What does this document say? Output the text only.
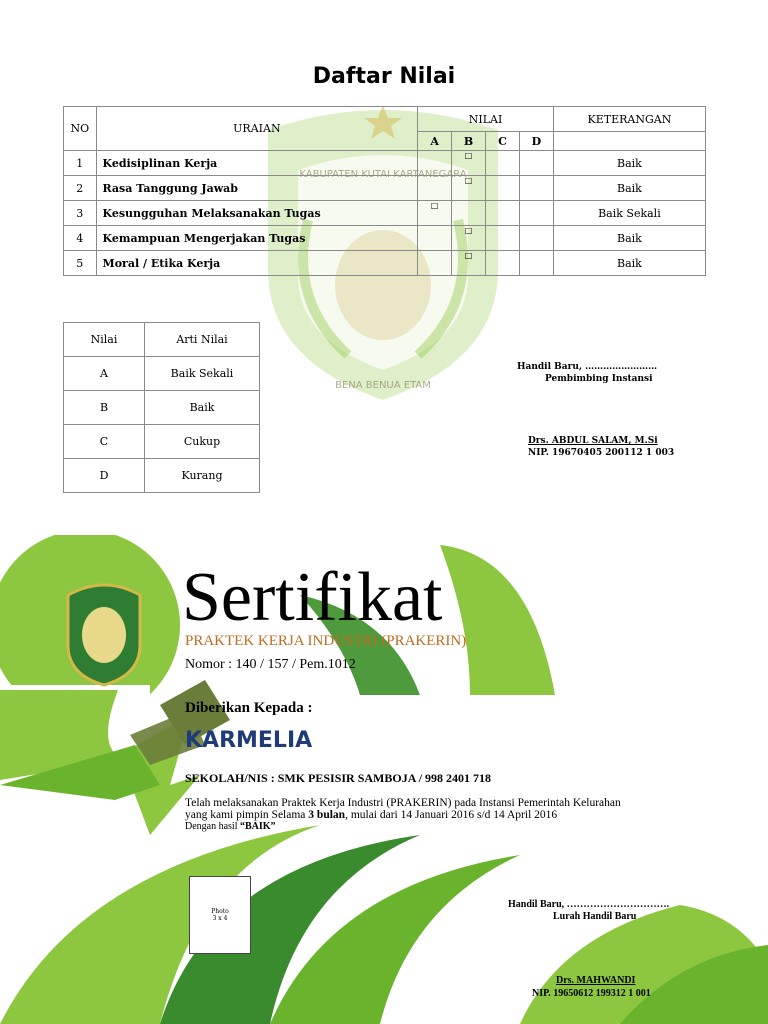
KABUPATEN KUTAI KARTANEGARA
BENA BENUA ETAM
Daftar Nilai
NO	URAIAN	NILAI				KETERANGAN
		A	B	C	D	
1	Kedisiplinan Kerja		□			Baik
2	Rasa Tanggung Jawab		□			Baik
3	Kesungguhan Melaksanakan Tugas	□				Baik Sekali
4	Kemampuan Mengerjakan Tugas		□			Baik
5	Moral / Etika Kerja		□			Baik
Nilai	Arti Nilai
A	Baik Sekali
B	Baik
C	Cukup
D	Kurang
Handil Baru, ……………………
Pembimbing Instansi
Drs. ABDUL SALAM, M.Si
NIP. 19670405 200112 1 003
Sertifikat
PRAKTEK KERJA INDUSTRI (PRAKERIN)
Nomor : 140 / 157 / Pem.1012
Diberikan Kepada :
KARMELIA
SEKOLAH/NIS : SMK PESISIR SAMBOJA / 998 2401 718
Telah melaksanakan Praktek Kerja Industri (PRAKERIN) pada Instansi Pemerintah Kelurahan
yang kami pimpin Selama 3 bulan, mulai dari 14 Januari 2016 s/d 14 April 2016
Dengan hasil “BAIK”
Photo
3 x 4
Handil Baru, ………………………….
Lurah Handil Baru
Drs. MAHWANDI
NIP. 19650612 199312 1 001
